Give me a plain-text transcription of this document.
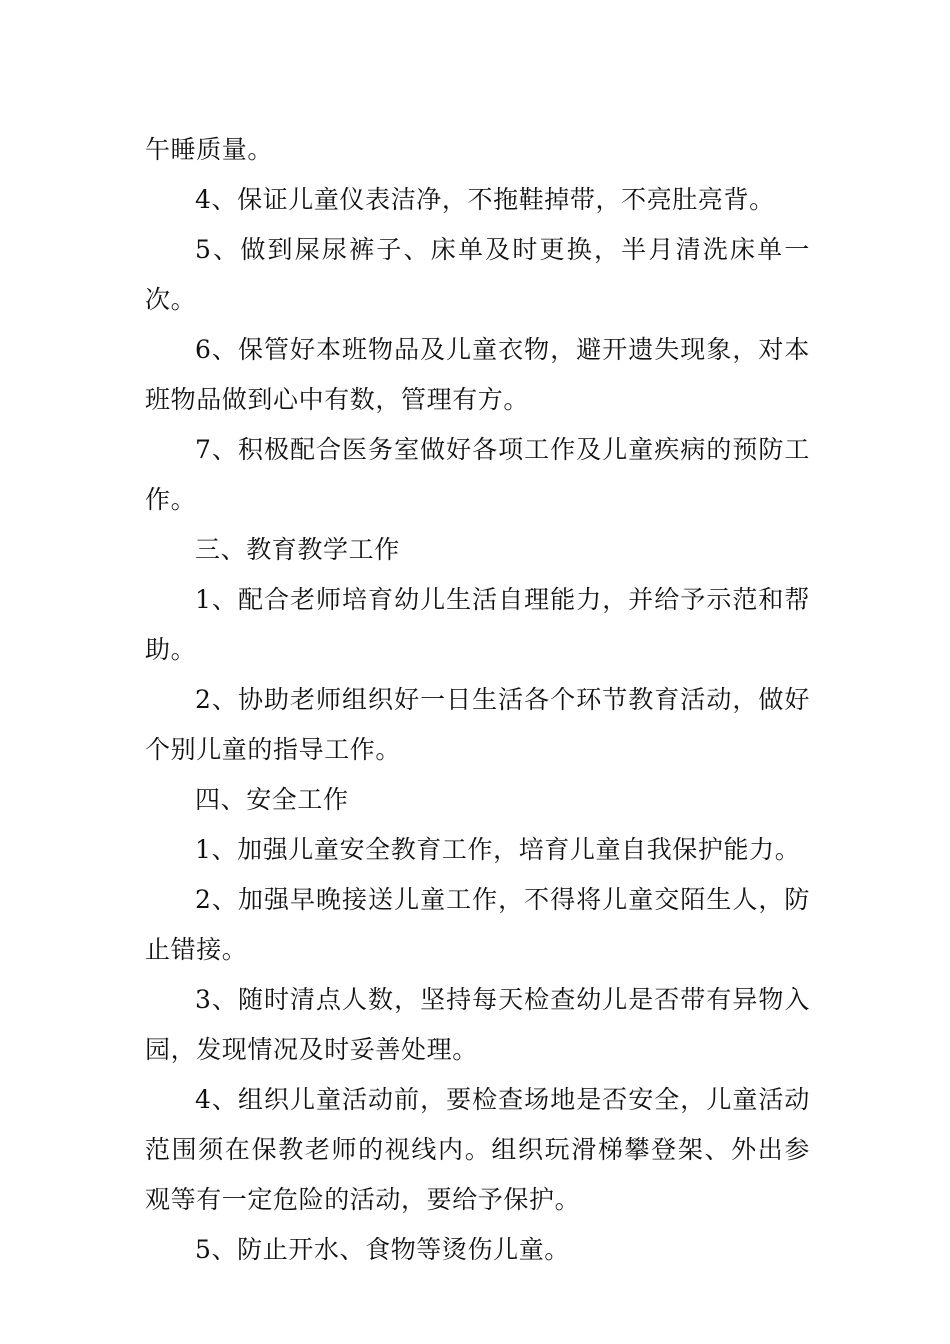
午睡质量。

4、保证儿童仪表洁净，不拖鞋掉带，不亮肚亮背。

5、做到屎尿裤子、床单及时更换，半月清洗床单一次。

6、保管好本班物品及儿童衣物，避开遗失现象，对本班物品做到心中有数，管理有方。

7、积极配合医务室做好各项工作及儿童疾病的预防工作。

三、教育教学工作

1、配合老师培育幼儿生活自理能力，并给予示范和帮助。

2、协助老师组织好一日生活各个环节教育活动，做好个别儿童的指导工作。

四、安全工作

1、加强儿童安全教育工作，培育儿童自我保护能力。

2、加强早晚接送儿童工作，不得将儿童交陌生人，防止错接。

3、随时清点人数，坚持每天检查幼儿是否带有异物入园，发现情况及时妥善处理。

4、组织儿童活动前，要检查场地是否安全，儿童活动范围须在保教老师的视线内。组织玩滑梯攀登架、外出参观等有一定危险的活动，要给予保护。

5、防止开水、食物等烫伤儿童。
